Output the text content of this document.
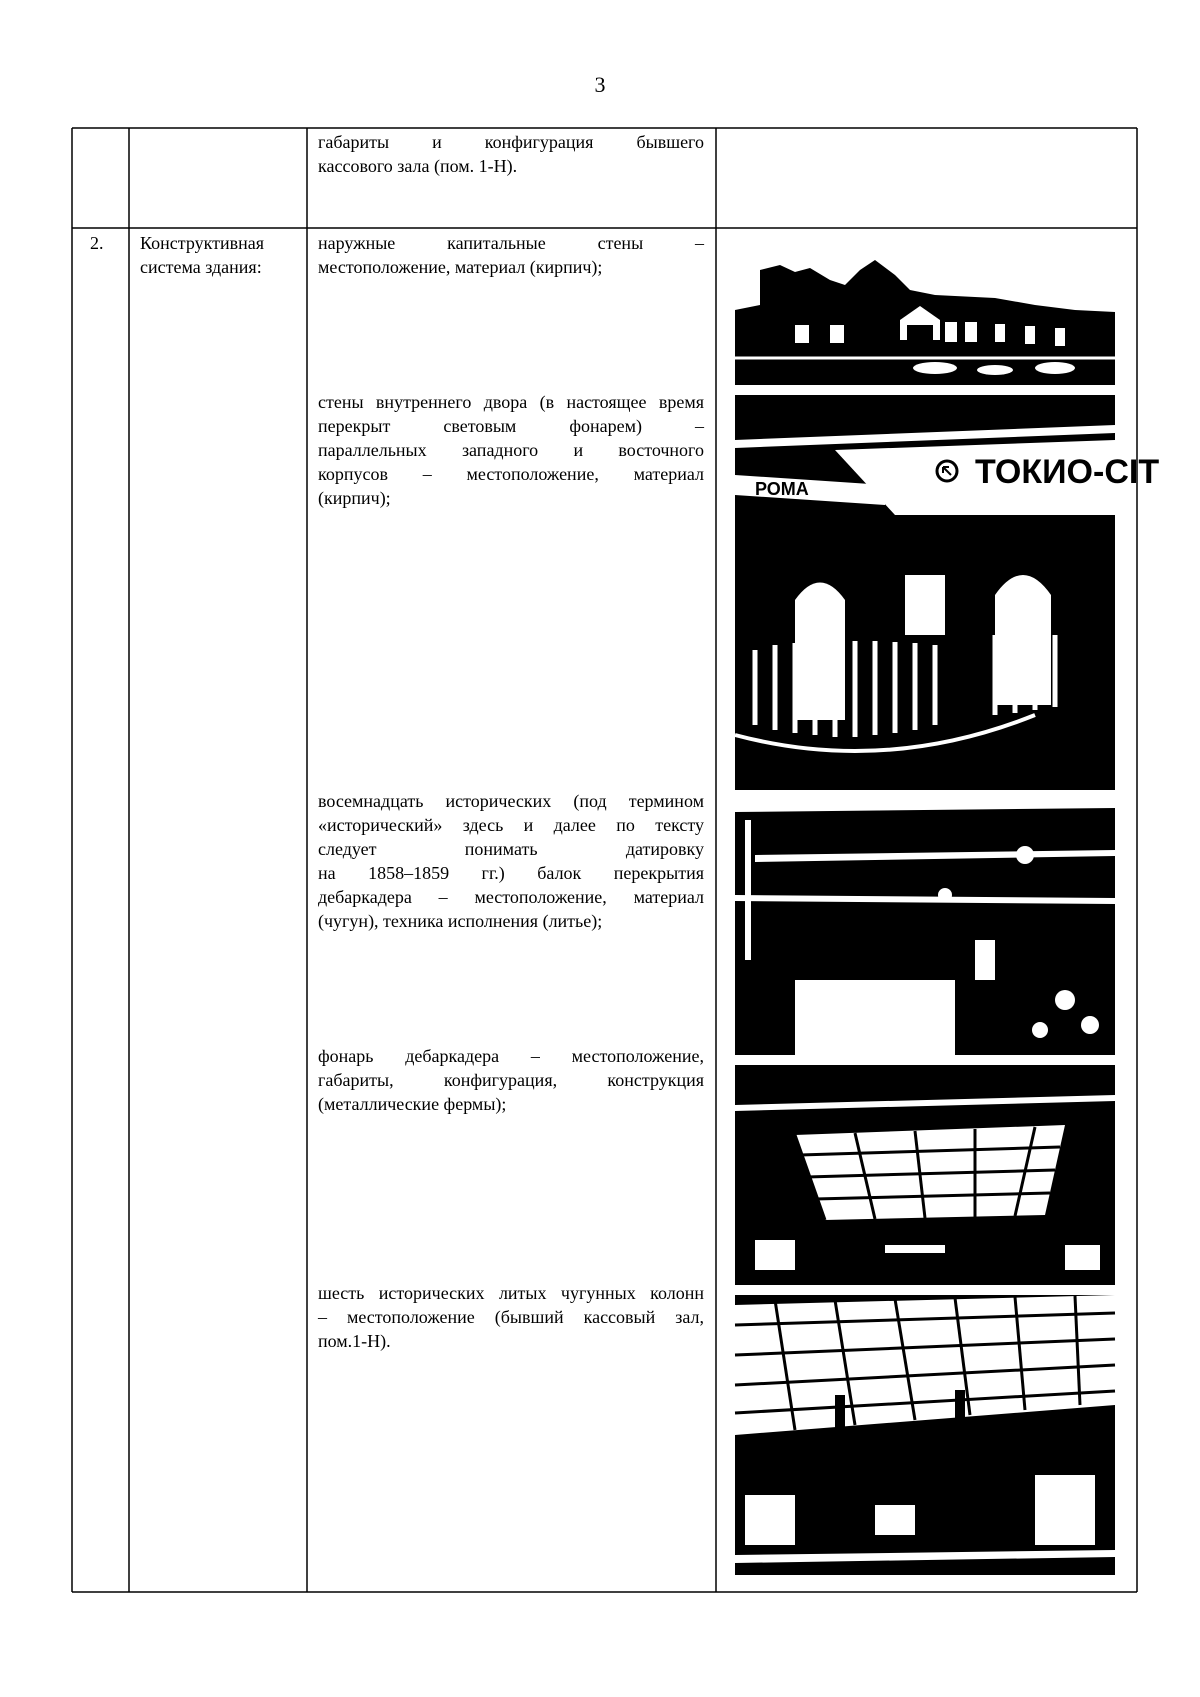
3
габариты и конфигурация бывшего
кассового зала (пом. 1-Н).
2. Конструктивная
система здания:
наружные капитальные стены –
местоположение, материал (кирпич);
стены внутреннего двора (в настоящее время
перекрыт световым фонарем) –
параллельных западного и восточного
корпусов – местоположение, материал
(кирпич);
восемнадцать исторических (под термином
«исторический» здесь и далее по тексту
следует понимать датировку
на 1858–1859 гг.) балок перекрытия
дебаркадера – местоположение, материал
(чугун), техника исполнения (литье);
фонарь дебаркадера – местоположение,
габариты, конфигурация, конструкция
(металлические фермы);
шесть исторических литых чугунных колонн
– местоположение (бывший кассовый зал,
пом.1-Н).
ТОКИО-CIT
РОМА
